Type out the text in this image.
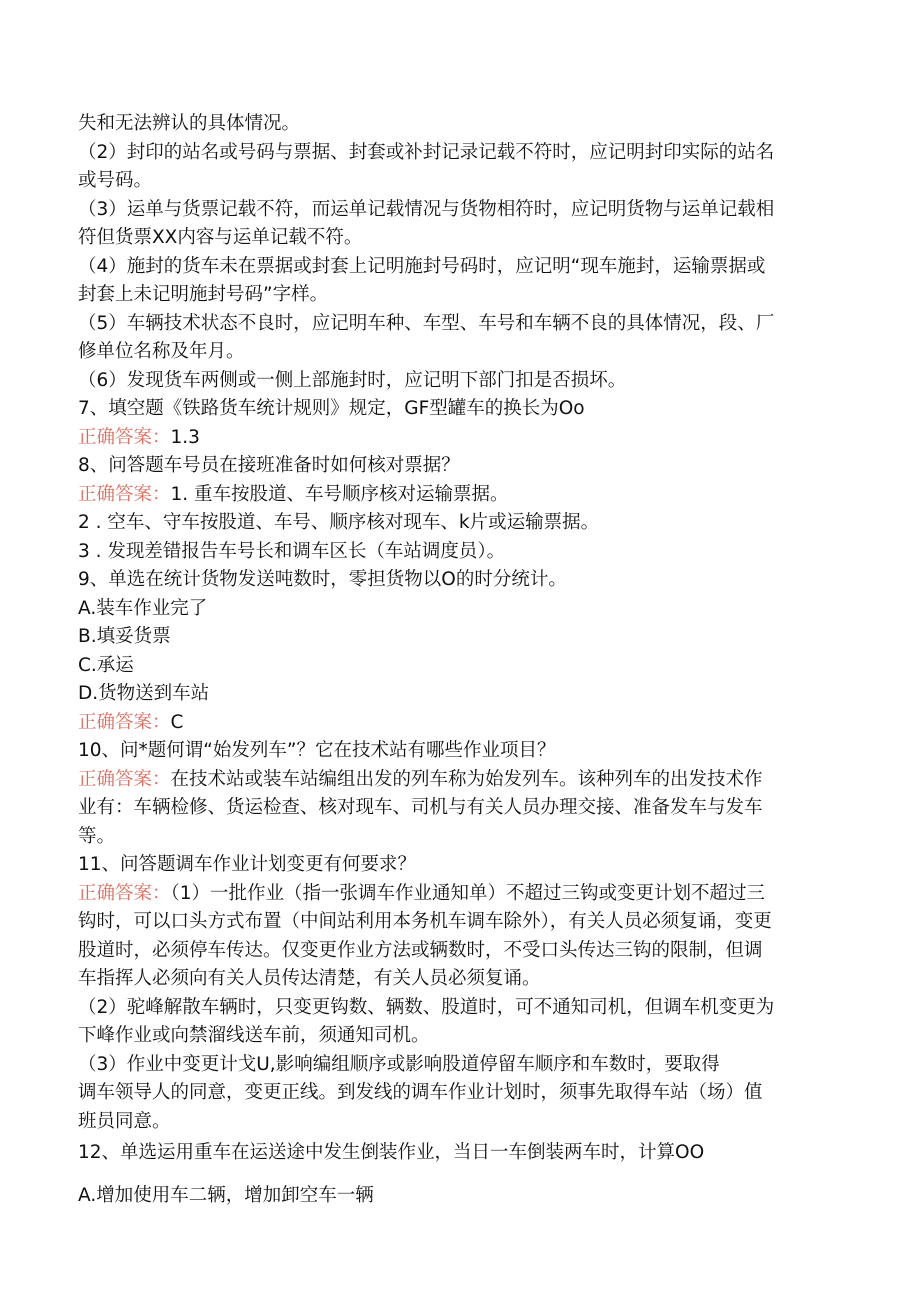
失和无法辨认的具体情况。
（2）封印的站名或号码与票据、封套或补封记录记载不符时，应记明封印实际的站名
或号码。
（3）运单与货票记载不符，而运单记载情况与货物相符时，应记明货物与运单记载相
符但货票XX内容与运单记载不符。
（4）施封的货车未在票据或封套上记明施封号码时，应记明“现车施封，运输票据或
封套上未记明施封号码”字样。
（5）车辆技术状态不良时，应记明车种、车型、车号和车辆不良的具体情况，段、厂
修单位名称及年月。
（6）发现货车两侧或一侧上部施封时，应记明下部门扣是否损坏。
7、填空题《铁路货车统计规则》规定，GF型罐车的换长为Oo
正确答案：1.3
8、问答题车号员在接班准备时如何核对票据？
正确答案：1. 重车按股道、车号顺序核对运输票据。
2 . 空车、守车按股道、车号、顺序核对现车、k片或运输票据。
3 . 发现差错报告车号长和调车区长（车站调度员）。
9、单选在统计货物发送吨数时，零担货物以O的时分统计。
A.装车作业完了
B.填妥货票
C.承运
D.货物送到车站
正确答案：C
10、问*题何谓“始发列车”？它在技术站有哪些作业项目？
正确答案：在技术站或装车站编组出发的列车称为始发列车。该种列车的出发技术作
业有：车辆检修、货运检查、核对现车、司机与有关人员办理交接、准备发车与发车
等。
11、问答题调车作业计划变更有何要求？
正确答案：（1）一批作业（指一张调车作业通知单）不超过三钩或变更计划不超过三
钩时，可以口头方式布置（中间站利用本务机车调车除外），有关人员必须复诵，变更
股道时，必须停车传达。仅变更作业方法或辆数时，不受口头传达三钩的限制，但调
车指挥人必须向有关人员传达清楚，有关人员必须复诵。
（2）驼峰解散车辆时，只变更钩数、辆数、股道时，可不通知司机，但调车机变更为
下峰作业或向禁溜线送车前，须通知司机。
（3）作业中变更计戈U,影响编组顺序或影响股道停留车顺序和车数时，要取得
调车领导人的同意，变更正线。到发线的调车作业计划时，须事先取得车站（场）值
班员同意。
12、单选运用重车在运送途中发生倒装作业，当日一车倒装两车时，计算OO
A.增加使用车二辆，增加卸空车一辆
